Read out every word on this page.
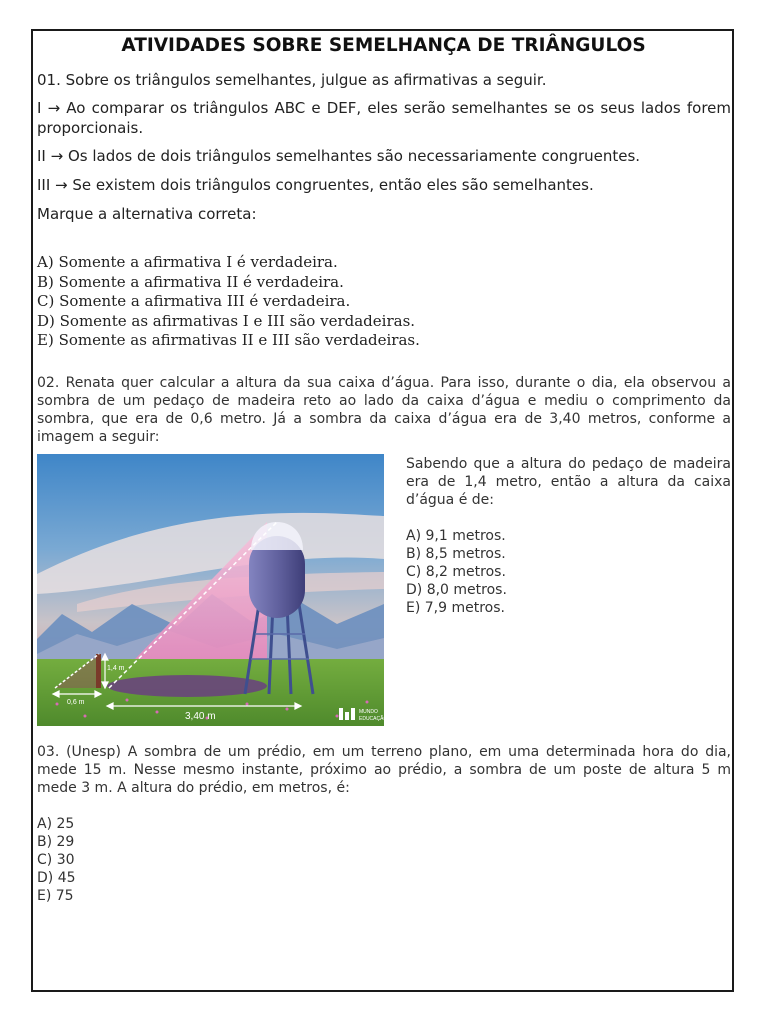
ATIVIDADES SOBRE SEMELHANÇA DE TRIÂNGULOS

01. Sobre os triângulos semelhantes, julgue as afirmativas a seguir.

I → Ao comparar os triângulos ABC e DEF, eles serão semelhantes se os seus lados forem proporcionais.

II → Os lados de dois triângulos semelhantes são necessariamente congruentes.

III → Se existem dois triângulos congruentes, então eles são semelhantes.

Marque a alternativa correta:

A) Somente a afirmativa I é verdadeira.
B) Somente a afirmativa II é verdadeira.
C) Somente a afirmativa III é verdadeira.
D) Somente as afirmativas I e III são verdadeiras.
E) Somente as afirmativas II e III são verdadeiras.
02. Renata quer calcular a altura da sua caixa d’água. Para isso, durante o dia, ela observou a sombra de um pedaço de madeira reto ao lado da caixa d’água e mediu o comprimento da sombra, que era de 0,6 metro. Já a sombra da caixa d’água era de 3,40 metros, conforme a imagem a seguir:
1,4 m
0,6 m
3,40 m	MUNDO
EDUCAÇÃO

Sabendo que a altura do pedaço de madeira era de 1,4 metro, então a altura da caixa d’água é de:

A) 9,1 metros.
B) 8,5 metros.
C) 8,2 metros.
D) 8,0 metros.
E) 7,9 metros.

03. (Unesp) A sombra de um prédio, em um terreno plano, em uma determinada hora do dia, mede 15 m. Nesse mesmo instante, próximo ao prédio, a sombra de um poste de altura 5 m mede 3 m. A altura do prédio, em metros, é:

A) 25
B) 29
C) 30
D) 45
E) 75
